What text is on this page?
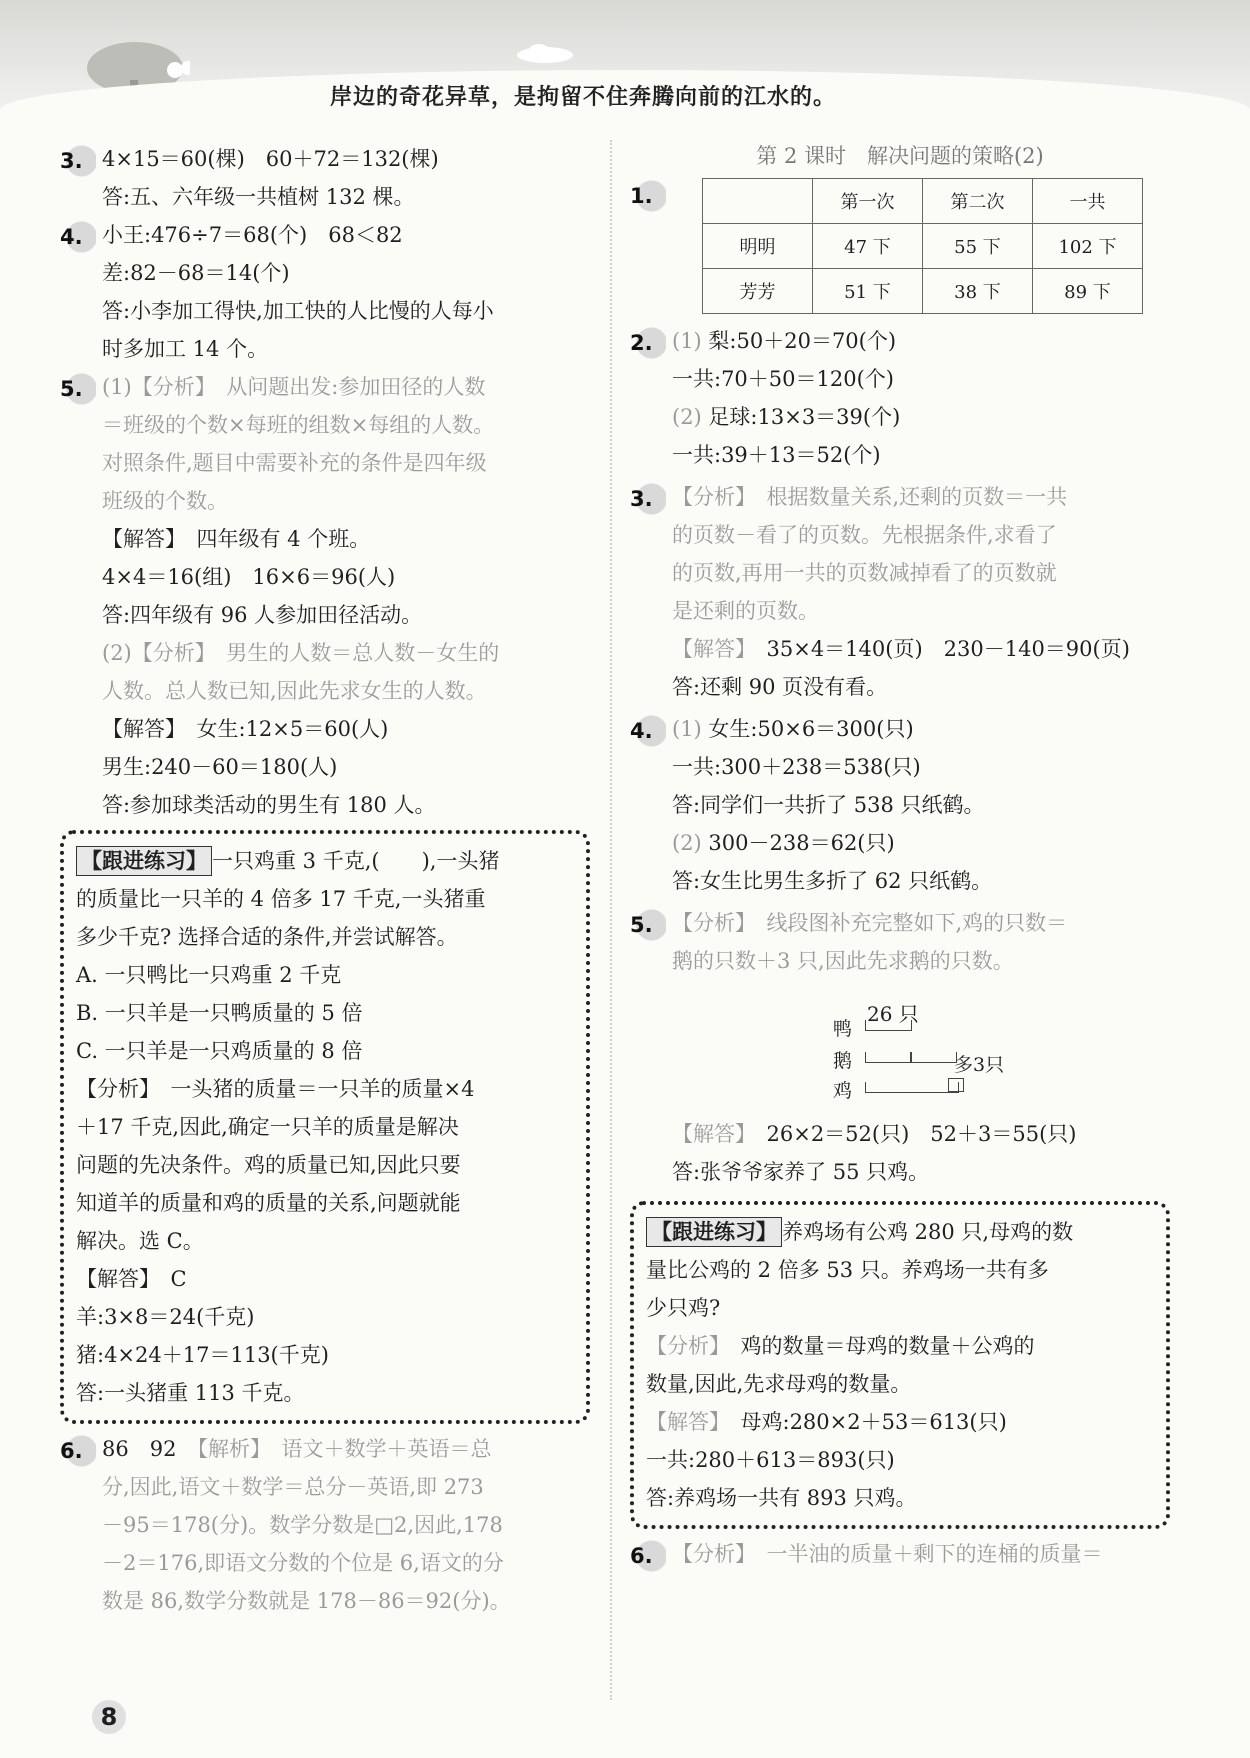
岸边的奇花异草，是拘留不住奔腾向前的江水的。
3. 4×15＝60(棵)　60＋72＝132(棵)
答:五、六年级一共植树 132 棵。
4. 小王:476÷7＝68(个)　68＜82
差:82－68＝14(个)
答:小李加工得快,加工快的人比慢的人每小
时多加工 14 个。
5. (1)【分析】　从问题出发:参加田径的人数
＝班级的个数×每班的组数×每组的人数。
对照条件,题目中需要补充的条件是四年级
班级的个数。
【解答】　四年级有 4 个班。
4×4＝16(组)　16×6＝96(人)
答:四年级有 96 人参加田径活动。
(2)【分析】　男生的人数＝总人数－女生的
人数。总人数已知,因此先求女生的人数。
【解答】　女生:12×5＝60(人)
男生:240－60＝180(人)
答:参加球类活动的男生有 180 人。
【跟进练习】 一只鸡重 3 千克,(　　),一头猪
的质量比一只羊的 4 倍多 17 千克,一头猪重
多少千克? 选择合适的条件,并尝试解答。
A. 一只鸭比一只鸡重 2 千克
B. 一只羊是一只鸭质量的 5 倍
C. 一只羊是一只鸡质量的 8 倍
【分析】　一头猪的质量＝一只羊的质量×4
＋17 千克,因此,确定一只羊的质量是解决
问题的先决条件。鸡的质量已知,因此只要
知道羊的质量和鸡的质量的关系,问题就能
解决。选 C。
【解答】　C
羊:3×8＝24(千克)
猪:4×24＋17＝113(千克)
答:一头猪重 113 千克。
6. 86　92　【解析】　语文＋数学＋英语＝总
分,因此,语文＋数学＝总分－英语,即 273
－95＝178(分)。数学分数是□2,因此,178
－2＝176,即语文分数的个位是 6,语文的分
数是 86,数学分数就是 178－86＝92(分)。
第 2 课时　解决问题的策略(2)
1.
		第一次	第二次	一共
明明	47 下	55 下	102 下
芳芳	51 下	38 下	89 下
2. (1) 梨:50＋20＝70(个)
一共:70＋50＝120(个)
(2) 足球:13×3＝39(个)
一共:39＋13＝52(个)
3. 【分析】　根据数量关系,还剩的页数＝一共
的页数－看了的页数。先根据条件,求看了
的页数,再用一共的页数减掉看了的页数就
是还剩的页数。
【解答】　35×4＝140(页)　230－140＝90(页)
答:还剩 90 页没有看。
4. (1) 女生:50×6＝300(只)
一共:300＋238＝538(只)
答:同学们一共折了 538 只纸鹤。
(2) 300－238＝62(只)
答:女生比男生多折了 62 只纸鹤。
5. 【分析】　线段图补充完整如下,鸡的只数＝
鹅的只数＋3 只,因此先求鹅的只数。
26 只
鸭
鹅	多3只
鸡
【解答】　26×2＝52(只)　52＋3＝55(只)
答:张爷爷家养了 55 只鸡。
【跟进练习】 养鸡场有公鸡 280 只,母鸡的数
量比公鸡的 2 倍多 53 只。养鸡场一共有多
少只鸡?
【分析】　鸡的数量＝母鸡的数量＋公鸡的
数量,因此,先求母鸡的数量。
【解答】　母鸡:280×2＋53＝613(只)
一共:280＋613＝893(只)
答:养鸡场一共有 893 只鸡。
6. 【分析】　一半油的质量＋剩下的连桶的质量＝
8
